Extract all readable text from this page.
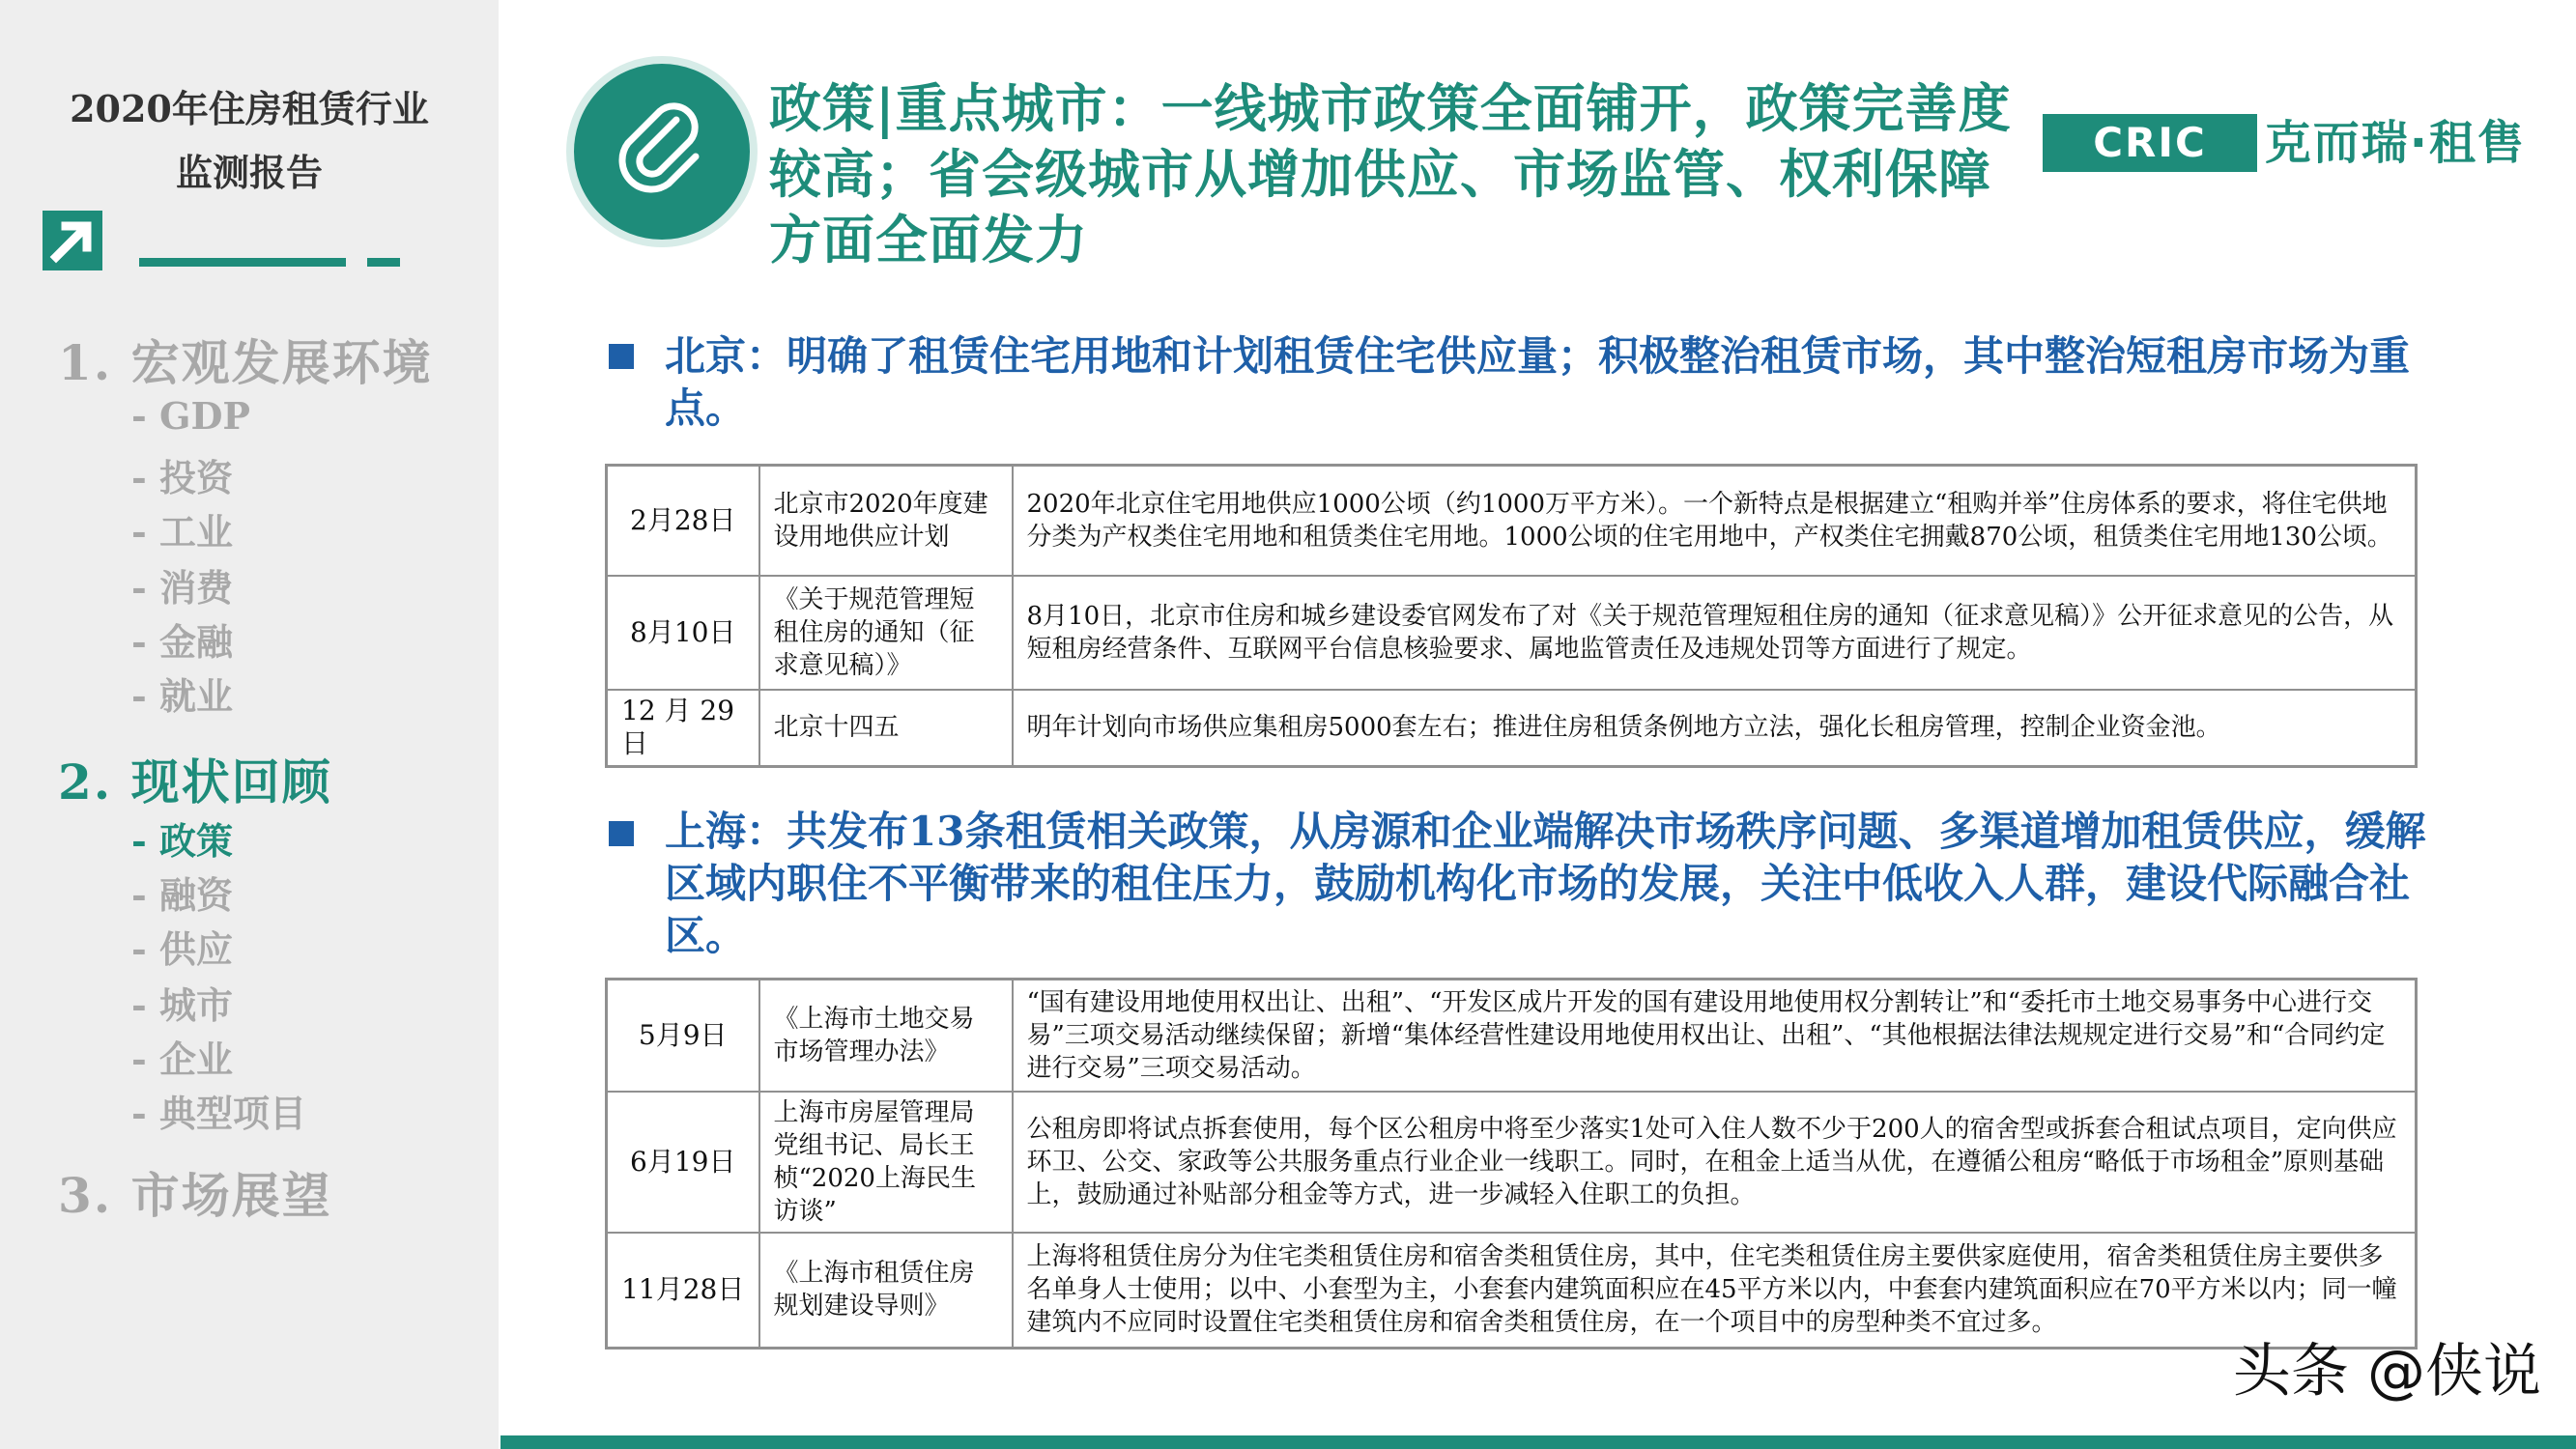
2020年住房租赁行业
监测报告
1. 宏观发展环境
- GDP
- 投资
- 工业
- 消费
- 金融
- 就业
2. 现状回顾
- 政策
- 融资
- 供应
- 城市
- 企业
- 典型项目
3. 市场展望
政策|重点城市：一线城市政策全面铺开，政策完善度较高；省会级城市从增加供应、市场监管、权利保障方面全面发力
CRIC	克而瑞·租售
北京：明确了租赁住宅用地和计划租赁住宅供应量；积极整治租赁市场，其中整治短租房市场为重点。
2月28日	北京市2020年度建设用地供应计划	2020年北京住宅用地供应1000公顷（约1000万平方米）。一个新特点是根据建立“租购并举”住房体系的要求，将住宅供地分类为产权类住宅用地和租赁类住宅用地。1000公顷的住宅用地中，产权类住宅拥戴870公顷，租赁类住宅用地130公顷。
8月10日	《关于规范管理短租住房的通知（征求意见稿）》	8月10日，北京市住房和城乡建设委官网发布了对《关于规范管理短租住房的通知（征求意见稿）》公开征求意见的公告，从短租房经营条件、互联网平台信息核验要求、属地监管责任及违规处罚等方面进行了规定。
12 月 29 日	北京十四五	明年计划向市场供应集租房5000套左右；推进住房租赁条例地方立法，强化长租房管理，控制企业资金池。
上海：共发布13条租赁相关政策，从房源和企业端解决市场秩序问题、多渠道增加租赁供应，缓解区域内职住不平衡带来的租住压力，鼓励机构化市场的发展，关注中低收入人群，建设代际融合社区。
5月9日	《上海市土地交易市场管理办法》	“国有建设用地使用权出让、出租”、“开发区成片开发的国有建设用地使用权分割转让”和“委托市土地交易事务中心进行交易”三项交易活动继续保留；新增“集体经营性建设用地使用权出让、出租”、“其他根据法律法规规定进行交易”和“合同约定进行交易”三项交易活动。
6月19日	上海市房屋管理局党组书记、局长王桢“2020上海民生访谈”	公租房即将试点拆套使用，每个区公租房中将至少落实1处可入住人数不少于200人的宿舍型或拆套合租试点项目，定向供应环卫、公交、家政等公共服务重点行业企业一线职工。同时，在租金上适当从优，在遵循公租房“略低于市场租金”原则基础上，鼓励通过补贴部分租金等方式，进一步减轻入住职工的负担。
11月28日	《上海市租赁住房规划建设导则》	上海将租赁住房分为住宅类租赁住房和宿舍类租赁住房，其中，住宅类租赁住房主要供家庭使用，宿舍类租赁住房主要供多名单身人士使用；以中、小套型为主，小套套内建筑面积应在45平方米以内，中套套内建筑面积应在70平方米以内；同一幢建筑内不应同时设置住宅类租赁住房和宿舍类租赁住房，在一个项目中的房型种类不宜过多。
头条 @侠说
